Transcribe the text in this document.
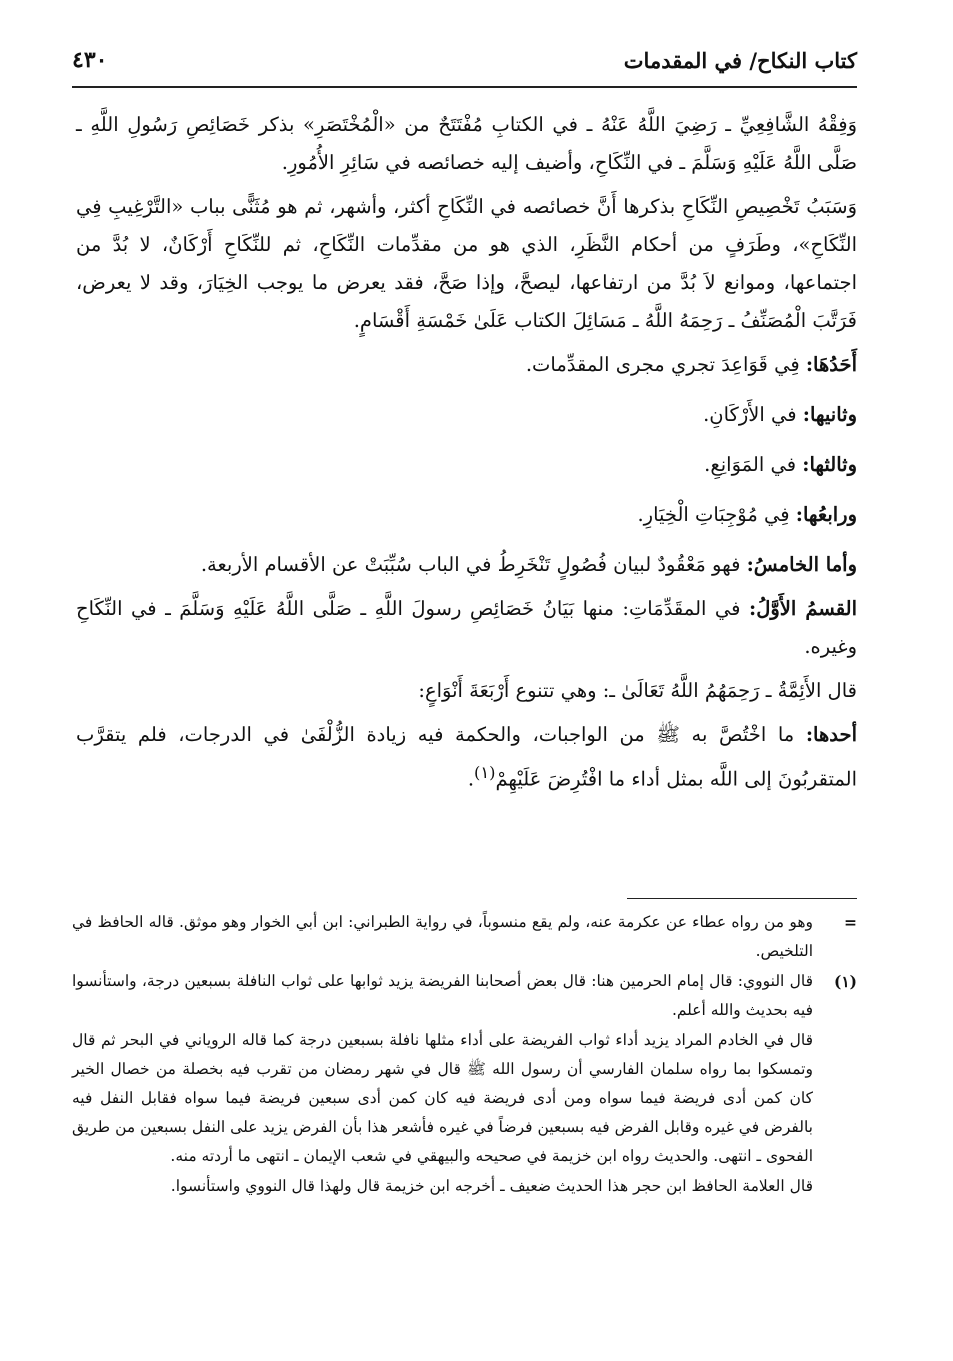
كتاب النكاح/ في المقدمات
٤٣٠

وَفِقْهُ الشَّافِعِيِّ ـ رَضِيَ اللَّهُ عَنْهُ ـ في الكتابِ مُفْتَتَحٌ من «الْمُخْتَصَرِ» بذكر خَصَائِصِ رَسُولِ اللَّهِ ـ صَلَّى اللَّهُ عَلَيْهِ وَسَلَّمَ ـ في النِّكَاحِ، وأضيف إليه خصائصه في سَائِرِ الأُمُورِ.

وَسَبَبُ تَخْصِيصِ النِّكَاحِ بذكرها أَنَّ خصائصه في النِّكَاحِ أكثر، وأشهر، ثم هو مُثَنًّى بباب «التَّرْغِيبِ فِي النِّكَاحِ»، وطَرَفٍ من أحكام النَّظَرِ، الذي هو من مقدِّمات النِّكَاحِ، ثم للنِّكَاحِ أَرْكَانٌ، لا بُدَّ من اجتماعها، وموانع لاَ بُدَّ من ارتفاعها، ليصحَّ، وإذا صَحَّ، فقد يعرض ما يوجب الخِيَارَ، وقد لا يعرض، فَرَتَّبَ الْمُصَنِّفُ ـ رَحِمَهُ اللَّهُ ـ مَسَائِلَ الكتاب عَلَىٰ خَمْسَةِ أَقْسَامٍ.

أَحَدُهَا: فِي قَوَاعِدَ تجري مجرى المقدِّمات.

وثانيها: في الأَرْكَانِ.

وثالثها: في المَوَانِعِ.

ورابعُها: فِي مُوْجِبَاتِ الْخِيَارِ.

وأما الخامسُ: فهو مَعْقُودٌ لبيان فُصُولٍ تَنْخَرِطُ في الباب سُبِّبَتْ عن الأقسام الأربعة.

القسمُ الأَوَّلُ: في المقَدِّمَاتِ: منها بَيَانُ خَصَائِصِ رسولَ اللَّهِ ـ صَلَّى اللَّهُ عَلَيْهِ وَسَلَّمَ ـ في النِّكَاحِ وغيره.

قال الأَئِمَّةُ ـ رَحِمَهُمُ اللَّهُ تَعَالَىٰ ـ: وهي تتنوع أَرْبَعَةَ أَنْوَاعٍ:

أحدها: ما اخْتُصَّ به ﷺ من الواجبات، والحكمة فيه زيادة الزُّلْفَىٰ في الدرجات، فلم يتقرَّب المتقربُونَ إلى اللَّه بمثل أداء ما افْتُرِضَ عَلَيْهِمْ$^{(١)}$.

=
وهو من رواه عطاء عن عكرمة عنه، ولم يقع منسوباً، في رواية الطبراني: ابن أبي الخوار وهو موثق. قاله الحافظ في التلخيص.
(١)
قال النووي: قال إمام الحرمين هنا: قال بعض أصحابنا الفريضة يزيد ثوابها على ثواب النافلة بسبعين درجة، واستأنسوا فيه بحديث والله أعلم.
قال في الخادم المراد يزيد أداء ثواب الفريضة على أداء مثلها نافلة بسبعين درجة كما قاله الروياني في البحر ثم قال وتمسكوا بما رواه سلمان الفارسي أن رسول الله ﷺ قال في شهر رمضان من تقرب فيه بخصلة من خصال الخير كان كمن أدى فريضة فيما سواه ومن أدى فريضة فيه كان كمن أدى سبعين فريضة فيما سواه فقابل النفل فيه بالفرض في غيره وقابل الفرض فيه بسبعين فرضاً في غيره فأشعر هذا بأن الفرض يزيد على النفل بسبعين من طريق الفحوى ـ انتهى. والحديث رواه ابن خزيمة في صحيحه والبيهقي في شعب الإيمان ـ انتهى ما أردته منه.
قال العلامة الحافظ ابن حجر هذا الحديث ضعيف ـ أخرجه ابن خزيمة قال ولهذا قال النووي واستأنسوا.
